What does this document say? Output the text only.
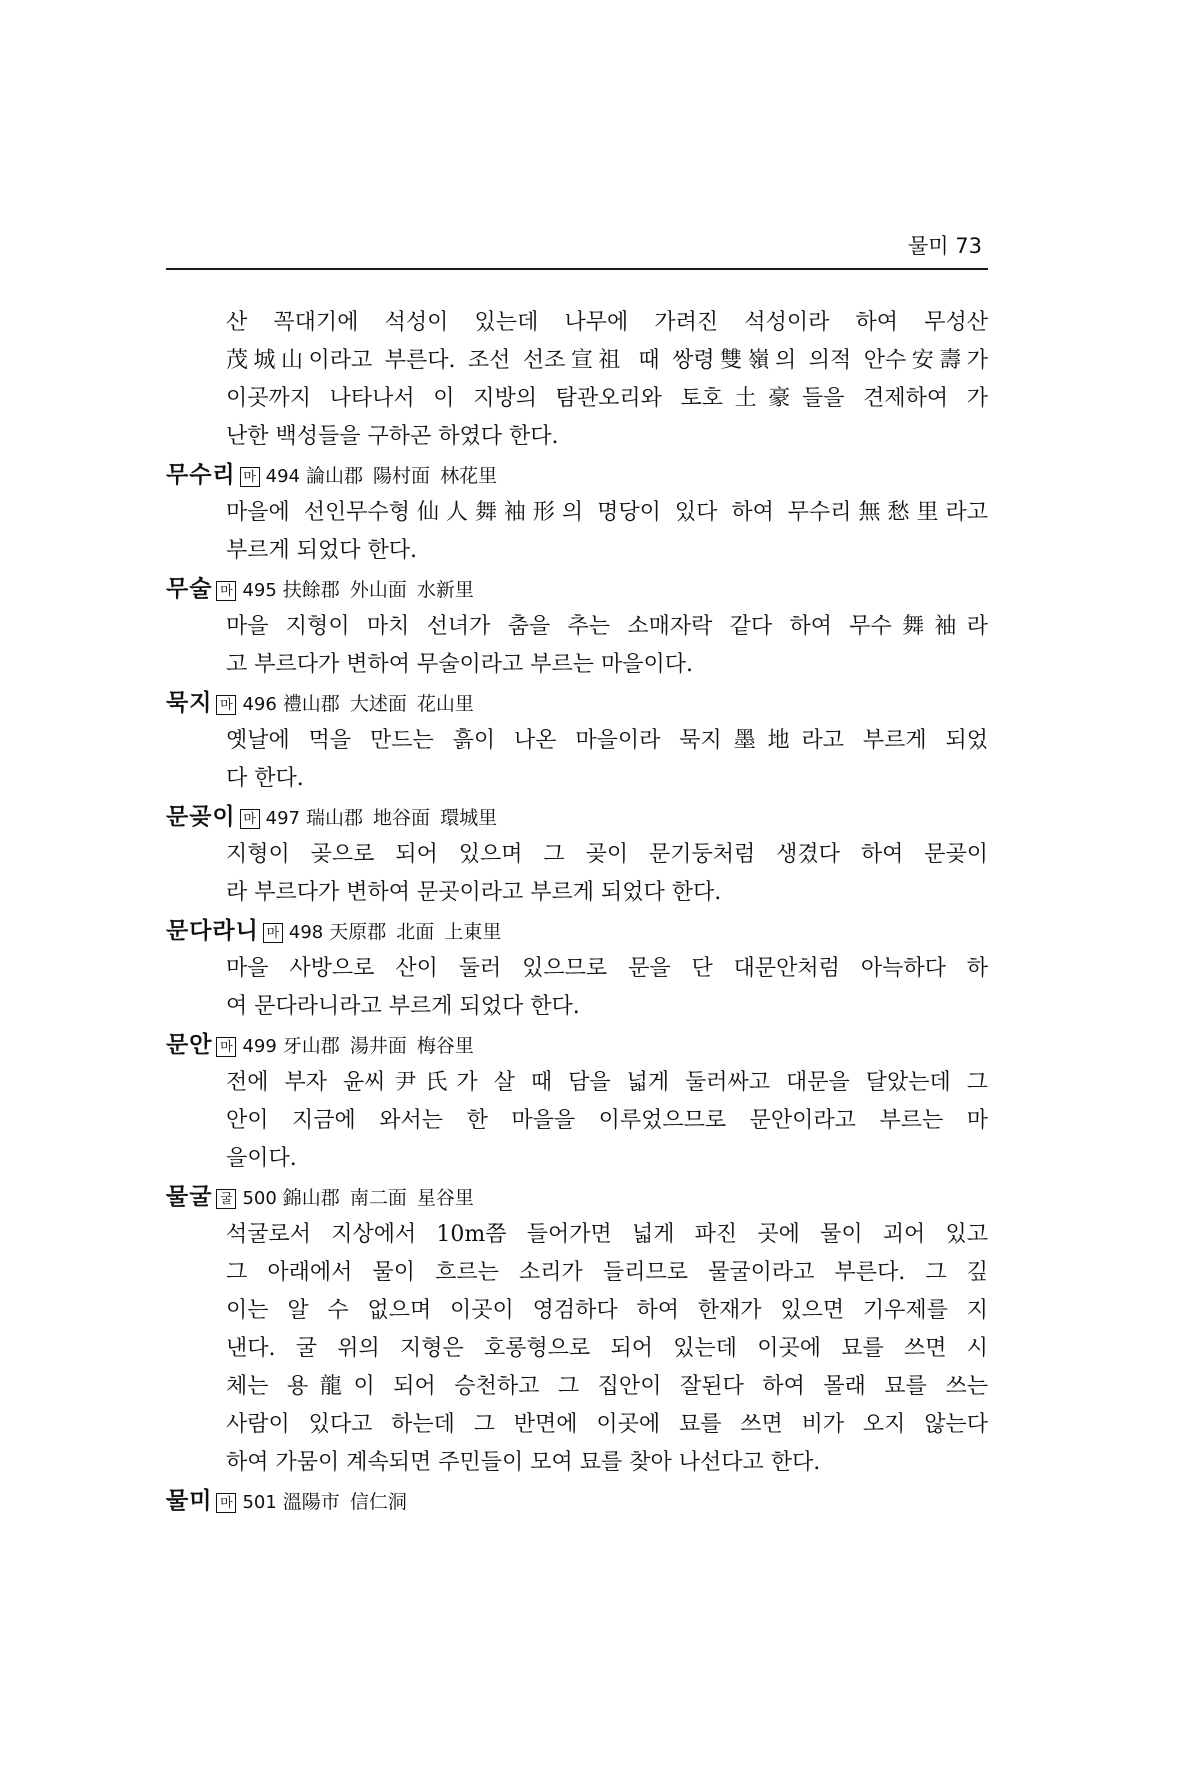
물미 73
산 꼭대기에 석성이 있는데 나무에 가려진 석성이라 하여 무성산
茂城山이라고 부른다. 조선 선조宣祖 때 쌍령雙嶺의 의적 안수安壽가
이곳까지 나타나서 이 지방의 탐관오리와 토호土豪들을 견제하여 가
난한 백성들을 구하곤 하였다 한다.
무수리 마 494 論山郡 陽村面 林花里
마을에 선인무수형仙人舞袖形의 명당이 있다 하여 무수리無愁里라고
부르게 되었다 한다.
무술 마 495 扶餘郡 外山面 水新里
마을 지형이 마치 선녀가 춤을 추는 소매자락 같다 하여 무수舞袖라
고 부르다가 변하여 무술이라고 부르는 마을이다.
묵지 마 496 禮山郡 大述面 花山里
옛날에 먹을 만드는 흙이 나온 마을이라 묵지墨地라고 부르게 되었
다 한다.
문곶이 마 497 瑞山郡 地谷面 環城里
지형이 곶으로 되어 있으며 그 곶이 문기둥처럼 생겼다 하여 문곶이
라 부르다가 변하여 문곳이라고 부르게 되었다 한다.
문다라니 마 498 天原郡 北面 上東里
마을 사방으로 산이 둘러 있으므로 문을 단 대문안처럼 아늑하다 하
여 문다라니라고 부르게 되었다 한다.
문안 마 499 牙山郡 湯井面 梅谷里
전에 부자 윤씨尹氏가 살 때 담을 넓게 둘러싸고 대문을 달았는데 그
안이 지금에 와서는 한 마을을 이루었으므로 문안이라고 부르는 마
을이다.
물굴 굴 500 錦山郡 南二面 星谷里
석굴로서 지상에서 10m쯤 들어가면 넓게 파진 곳에 물이 괴어 있고
그 아래에서 물이 흐르는 소리가 들리므로 물굴이라고 부른다. 그 깊
이는 알 수 없으며 이곳이 영검하다 하여 한재가 있으면 기우제를 지
낸다. 굴 위의 지형은 호롱형으로 되어 있는데 이곳에 묘를 쓰면 시
체는 용龍이 되어 승천하고 그 집안이 잘된다 하여 몰래 묘를 쓰는
사람이 있다고 하는데 그 반면에 이곳에 묘를 쓰면 비가 오지 않는다
하여 가뭄이 계속되면 주민들이 모여 묘를 찾아 나선다고 한다.
물미 마 501 溫陽市 信仁洞
